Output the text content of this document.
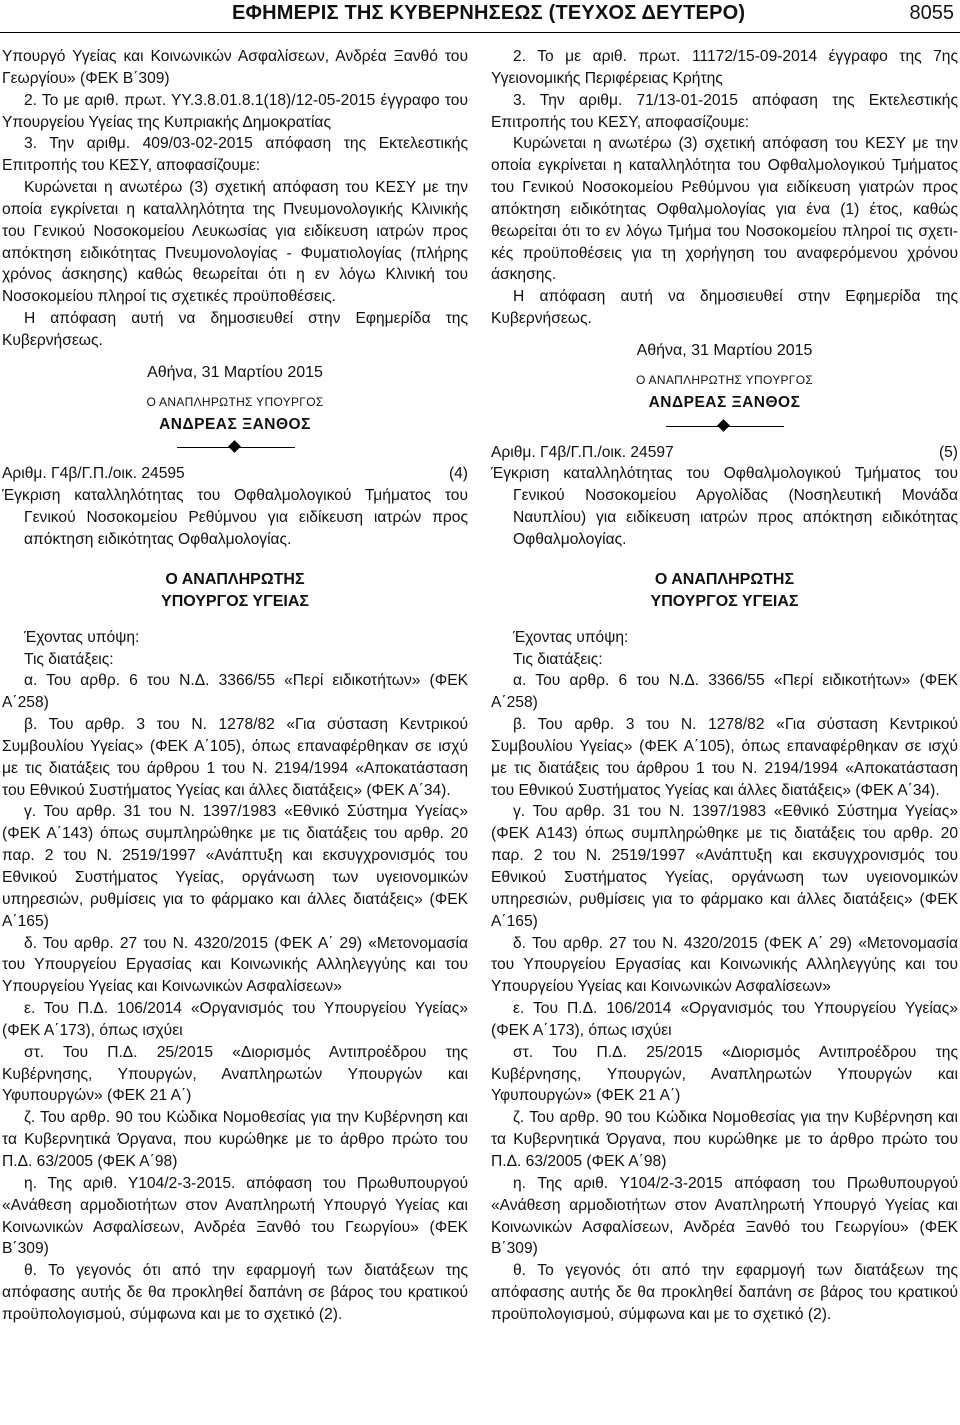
ΕΦΗΜΕΡΙΣ ΤΗΣ ΚΥΒΕΡΝΗΣΕΩΣ (ΤΕΥΧΟΣ ΔΕΥΤΕΡΟ)	8055

Υπουργό Υγείας και Κοινωνικών Ασφαλίσεων, Ανδρέα Ξανθό του Γεωργίου» (ΦΕΚ Β΄309)

2. Το με αριθ. πρωτ. ΥΥ.3.8.01.8.1(18)/12-05-2015 έγγραφο του Υπουργείου Υγείας της Κυπριακής Δημοκρατίας

3. Την αριθμ. 409/03-02-2015 απόφαση της Εκτελεστικής Επιτροπής του ΚΕΣΥ, αποφασίζουμε:

Κυρώνεται η ανωτέρω (3) σχετική απόφαση του ΚΕΣΥ με την οποία εγκρίνεται η καταλληλότητα της Πνευμονολογικής Κλινικής του Γενικού Νοσοκομείου Λευκωσίας για ειδίκευση ιατρών προς απόκτηση ειδικότητας Πνευμονολογίας - Φυματιολογίας (πλήρης χρόνος άσκησης) καθώς θεωρείται ότι η εν λόγω Κλινική του Νοσοκομείου πληροί τις σχετικές προϋποθέσεις.

Η απόφαση αυτή να δημοσιευθεί στην Εφημερίδα της Κυβερνήσεως.

Αθήνα, 31 Μαρτίου 2015

Ο ΑΝΑΠΛΗΡΩΤΗΣ ΥΠΟΥΡΓΟΣ

ΑΝΔΡΕΑΣ ΞΑΝΘΟΣ

Αριθμ. Γ4β/Γ.Π./οικ. 24595	(4)

Έγκριση καταλληλότητας του Οφθαλμολογικού Τμήματος του Γενικού Νοσοκομείου Ρεθύμνου για ειδίκευση ιατρών προς απόκτηση ειδικότητας Οφθαλμολογίας.

Ο ΑΝΑΠΛΗΡΩΤΗΣ
ΥΠΟΥΡΓΟΣ ΥΓΕΙΑΣ

Έχοντας υπόψη:

Τις διατάξεις:

α. Του αρθρ. 6 του Ν.Δ. 3366/55 «Περί ειδικοτήτων» (ΦΕΚ Α΄258)

β. Του αρθρ. 3 του Ν. 1278/82 «Για σύσταση Κεντρικού Συμβουλίου Υγείας» (ΦΕΚ Α΄105), όπως επαναφέρθηκαν σε ισχύ με τις διατάξεις του άρθρου 1 του Ν. 2194/1994 «Αποκατάσταση του Εθνικού Συστήματος Υγείας και άλλες διατάξεις» (ΦΕΚ Α΄34).

γ. Του αρθρ. 31 του Ν. 1397/1983 «Εθνικό Σύστημα Υγείας» (ΦΕΚ Α΄143) όπως συμπληρώθηκε με τις διατάξεις του αρθρ. 20 παρ. 2 του Ν. 2519/1997 «Ανάπτυξη και εκσυγχρονισμός του Εθνικού Συστήματος Υγείας, οργάνωση των υγειονομικών υπηρεσιών, ρυθμίσεις για το φάρμακο και άλλες διατάξεις» (ΦΕΚ Α΄165)

δ. Του αρθρ. 27 του Ν. 4320/2015 (ΦΕΚ Α΄ 29) «Μετονομασία του Υπουργείου Εργασίας και Κοινωνικής Αλληλεγγύης και του Υπουργείου Υγείας και Κοινωνικών Ασφαλίσεων»

ε. Του Π.Δ. 106/2014 «Οργανισμός του Υπουργείου Υγείας» (ΦΕΚ Α΄173), όπως ισχύει

στ. Του Π.Δ. 25/2015 «Διορισμός Αντιπροέδρου της Κυβέρνησης, Υπουργών, Αναπληρωτών Υπουργών και Υφυπουργών» (ΦΕΚ 21 Α΄)

ζ. Του αρθρ. 90 του Κώδικα Νομοθεσίας για την Κυβέρνηση και τα Κυβερνητικά Όργανα, που κυρώθηκε με το άρθρο πρώτο του Π.Δ. 63/2005 (ΦΕΚ Α΄98)

η. Της αριθ. Υ104/2-3-2015. απόφαση του Πρωθυπουργού «Ανάθεση αρμοδιοτήτων στον Αναπληρωτή Υπουργό Υγείας και Κοινωνικών Ασφαλίσεων, Ανδρέα Ξανθό του Γεωργίου» (ΦΕΚ Β΄309)

θ. Το γεγονός ότι από την εφαρμογή των διατάξεων της απόφασης αυτής δε θα προκληθεί δαπάνη σε βάρος του κρατικού προϋπολογισμού, σύμφωνα και με το σχετικό (2).

2. Το με αριθ. πρωτ. 11172/15-09-2014 έγγραφο της 7ης Υγειονομικής Περιφέρειας Κρήτης

3. Την αριθμ. 71/13-01-2015 απόφαση της Εκτελεστικής Επιτροπής του ΚΕΣΥ, αποφασίζουμε:

Κυρώνεται η ανωτέρω (3) σχετική απόφαση του ΚΕΣΥ με την οποία εγκρίνεται η καταλληλότητα του Οφθαλμολογικού Τμήματος του Γενικού Νοσοκομείου Ρεθύμνου για ειδίκευση γιατρών προς απόκτηση ειδικότητας Οφθαλμολογίας για ένα (1) έτος, καθώς θεωρείται ότι το εν λόγω Τμήμα του Νοσοκομείου πληροί τις σχετικές προϋποθέσεις για τη χορήγηση του αναφερόμενου χρόνου άσκησης.

Η απόφαση αυτή να δημοσιευθεί στην Εφημερίδα της Κυβερνήσεως.

Αθήνα, 31 Μαρτίου 2015

Ο ΑΝΑΠΛΗΡΩΤΗΣ ΥΠΟΥΡΓΟΣ

ΑΝΔΡΕΑΣ ΞΑΝΘΟΣ

Αριθμ. Γ4β/Γ.Π./οικ. 24597	(5)

Έγκριση καταλληλότητας του Οφθαλμολογικού Τμήματος του Γενικού Νοσοκομείου Αργολίδας (Νοσηλευτική Μονάδα Ναυπλίου) για ειδίκευση ιατρών προς απόκτηση ειδικότητας Οφθαλμολογίας.

Ο ΑΝΑΠΛΗΡΩΤΗΣ
ΥΠΟΥΡΓΟΣ ΥΓΕΙΑΣ

Έχοντας υπόψη:

Τις διατάξεις:

α. Του αρθρ. 6 του Ν.Δ. 3366/55 «Περί ειδικοτήτων» (ΦΕΚ Α΄258)

β. Του αρθρ. 3 του Ν. 1278/82 «Για σύσταση Κεντρικού Συμβουλίου Υγείας» (ΦΕΚ Α΄105), όπως επαναφέρθηκαν σε ισχύ με τις διατάξεις του άρθρου 1 του Ν. 2194/1994 «Αποκατάσταση του Εθνικού Συστήματος Υγείας και άλλες διατάξεις» (ΦΕΚ Α΄34).

γ. Του αρθρ. 31 του Ν. 1397/1983 «Εθνικό Σύστημα Υγείας» (ΦΕΚ Α143) όπως συμπληρώθηκε με τις διατάξεις του αρθρ. 20 παρ. 2 του Ν. 2519/1997 «Ανάπτυξη και εκσυγχρονισμός του Εθνικού Συστήματος Υγείας, οργάνωση των υγειονομικών υπηρεσιών, ρυθμίσεις για το φάρμακο και άλλες διατάξεις» (ΦΕΚ Α΄165)

δ. Του αρθρ. 27 του Ν. 4320/2015 (ΦΕΚ Α΄ 29) «Μετονομασία του Υπουργείου Εργασίας και Κοινωνικής Αλληλεγγύης και του Υπουργείου Υγείας και Κοινωνικών Ασφαλίσεων»

ε. Του Π.Δ. 106/2014 «Οργανισμός του Υπουργείου Υγείας» (ΦΕΚ Α΄173), όπως ισχύει

στ. Του Π.Δ. 25/2015 «Διορισμός Αντιπροέδρου της Κυβέρνησης, Υπουργών, Αναπληρωτών Υπουργών και Υφυπουργών» (ΦΕΚ 21 Α΄)

ζ. Του αρθρ. 90 του Κώδικα Νομοθεσίας για την Κυβέρνηση και τα Κυβερνητικά Όργανα, που κυρώθηκε με το άρθρο πρώτο του Π.Δ. 63/2005 (ΦΕΚ Α΄98)

η. Της αριθ. Υ104/2-3-2015 απόφαση του Πρωθυπουργού «Ανάθεση αρμοδιοτήτων στον Αναπληρωτή Υπουργό Υγείας και Κοινωνικών Ασφαλίσεων, Ανδρέα Ξανθό του Γεωργίου» (ΦΕΚ Β΄309)

θ. Το γεγονός ότι από την εφαρμογή των διατάξεων της απόφασης αυτής δε θα προκληθεί δαπάνη σε βάρος του κρατικού προϋπολογισμού, σύμφωνα και με το σχετικό (2).
